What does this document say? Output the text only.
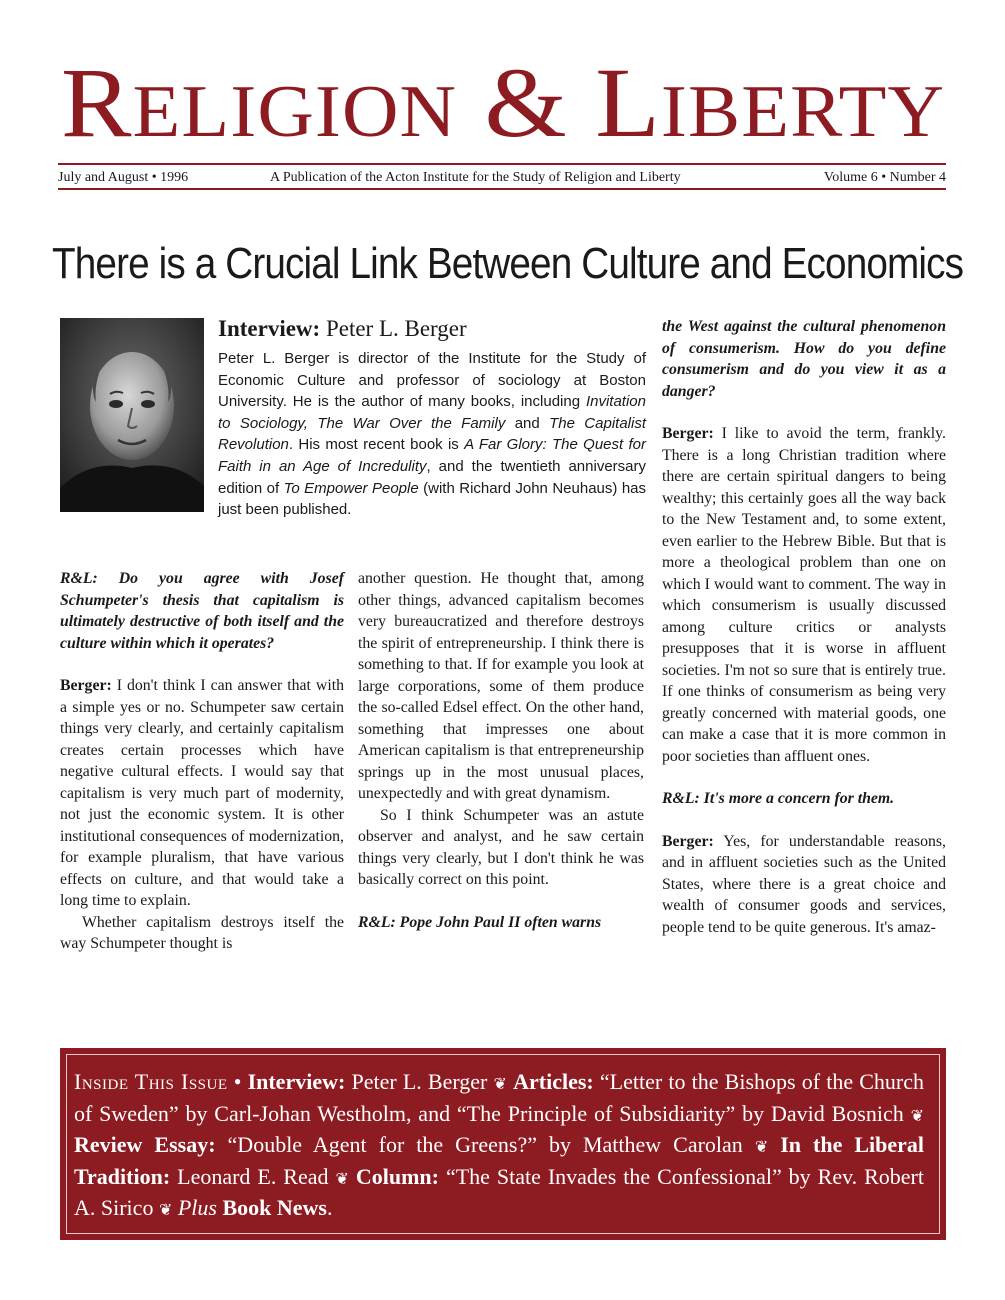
RELIGION & L IBERTY
July and August • 1996	A Publication of the Acton Institute for the Study of Religion and Liberty	Volume 6 • Number 4
There is a Crucial Link Between Culture and Economics
Interview: Peter L. Berger
Peter L. Berger is director of the Institute for the Study of Economic Culture and professor of sociology at Boston University. He is the author of many books, including Invitation to Sociology, The War Over the Family and The Capitalist Revolution. His most recent book is A Far Glory: The Quest for Faith in an Age of Incredulity, and the twentieth anniversary edition of To Empower People (with Richard John Neuhaus) has just been published.

R&L: Do you agree with Josef Schumpeter's thesis that capitalism is ultimately destructive of both itself and the culture within which it operates?

Berger: I don't think I can answer that with a simple yes or no. Schumpeter saw certain things very clearly, and certainly capitalism creates certain processes which have negative cultural effects. I would say that capitalism is very much part of modernity, not just the economic system. It is other institutional consequences of modernization, for example pluralism, that have various effects on culture, and that would take a long time to explain.

Whether capitalism destroys itself the way Schumpeter thought is

another question. He thought that, among other things, advanced capitalism becomes very bureaucratized and therefore destroys the spirit of entrepreneurship. I think there is something to that. If for example you look at large corporations, some of them produce the so-called Edsel effect. On the other hand, something that impresses one about American capitalism is that entrepreneurship springs up in the most unusual places, unexpectedly and with great dynamism.

So I think Schumpeter was an astute observer and analyst, and he saw certain things very clearly, but I don't think he was basically correct on this point.

R&L: Pope John Paul II often warns

the West against the cultural phenomenon of consumerism. How do you define consumerism and do you view it as a danger?

Berger: I like to avoid the term, frankly. There is a long Christian tradition where there are certain spiritual dangers to being wealthy; this certainly goes all the way back to the New Testament and, to some extent, even earlier to the Hebrew Bible. But that is more a theological problem than one on which I would want to comment. The way in which consumerism is usually discussed among culture critics or analysts presupposes that it is worse in affluent societies. I'm not so sure that is entirely true. If one thinks of consumerism as being very greatly concerned with material goods, one can make a case that it is more common in poor societies than affluent ones.

R&L: It's more a concern for them.

Berger: Yes, for understandable reasons, and in affluent societies such as the United States, where there is a great choice and wealth of consumer goods and services, people tend to be quite generous. It's amaz-

Inside This Issue • Interview: Peter L. Berger ❦ Articles: “Letter to the Bishops of the Church of Sweden” by Carl-Johan Westholm, and “The Principle of Subsidiarity” by David Bosnich ❦ Review Essay: “Double Agent for the Greens?” by Matthew Carolan ❦ In the Liberal Tradition: Leonard E. Read ❦ Column: “The State Invades the Confessional” by Rev. Robert A. Sirico ❦ Plus Book News.
